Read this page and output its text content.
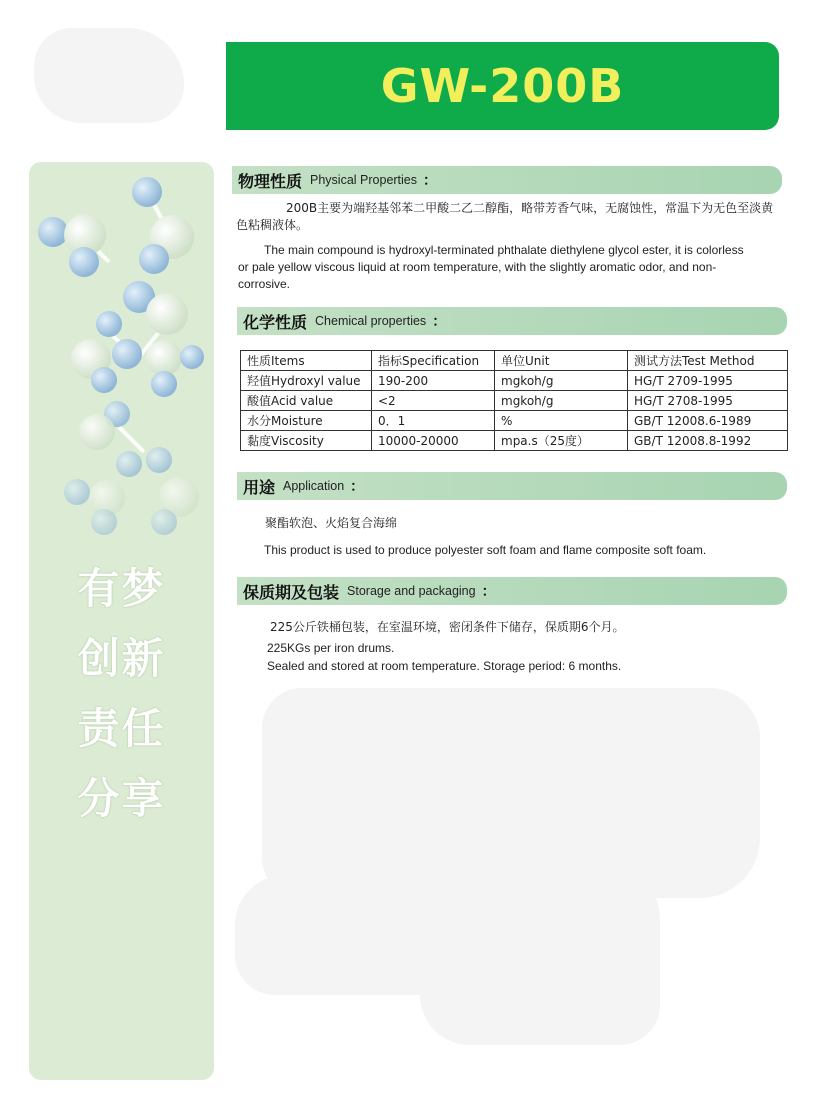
GW-200B
有梦
创新
责任
分享
物理性质 Physical Properties ：
200B主要为端羟基邻苯二甲酸二乙二醇酯，略带芳香气味，无腐蚀性，常温下为无色至淡黄色粘稠液体。
The main compound is hydroxyl-terminated phthalate diethylene glycol ester, it is colorless or pale yellow viscous liquid at room temperature, with the slightly aromatic odor, and non-corrosive.
化学性质 Chemical properties ：
性质Items	指标Specification	单位Unit	测试方法Test Method
羟值Hydroxyl value	190-200	mgkoh/g	HG/T 2709-1995
酸值Acid value	<2	mgkoh/g	HG/T 2708-1995
水分Moisture	0．1	%	GB/T 12008.6-1989
黏度Viscosity	10000-20000	mpa.s（25度）	GB/T 12008.8-1992
用途 Application ：
聚酯软泡、火焰复合海绵
This product is used to produce polyester soft foam and flame composite soft foam.
保质期及包装 Storage and packaging ：
225公斤铁桶包装，在室温环境，密闭条件下储存，保质期6个月。
225KGs per iron drums.
Sealed and stored at room temperature. Storage period: 6 months.
